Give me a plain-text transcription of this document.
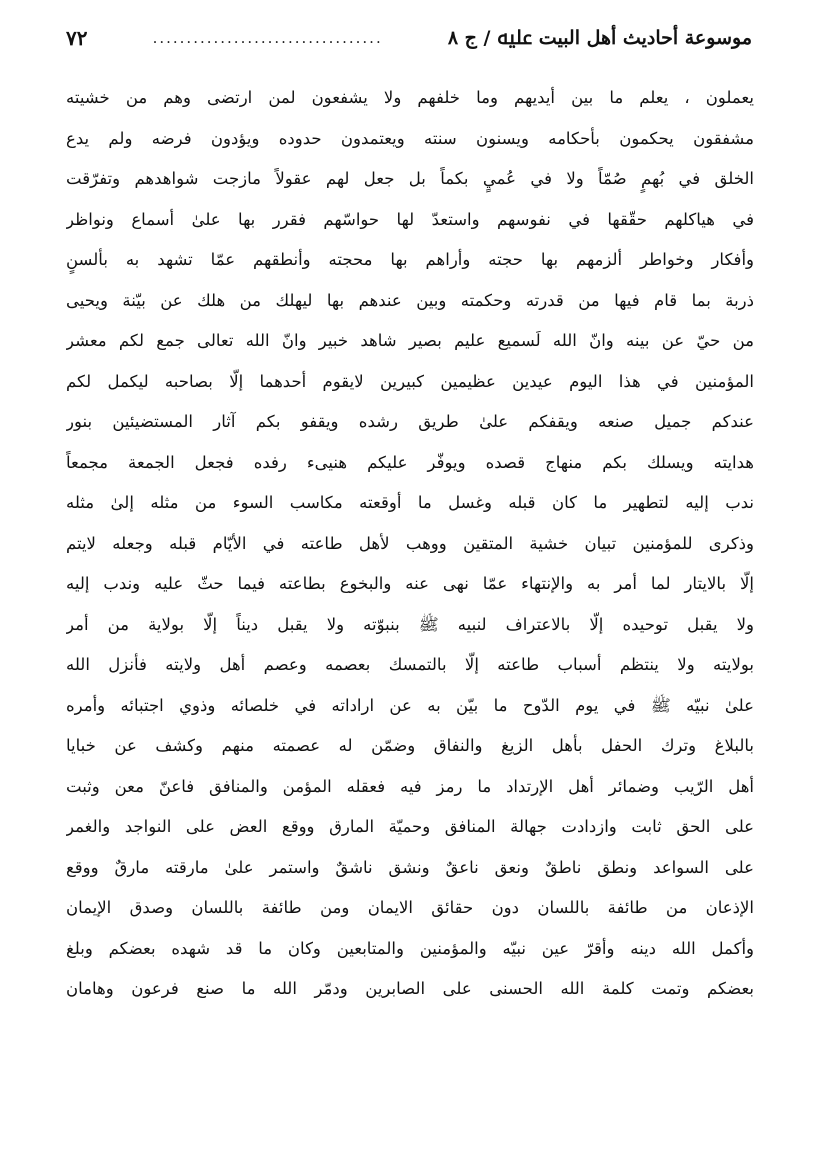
موسوعة أحاديث أهل البيت ﷷ / ج ٨
..................................
٧٢
يعملون ، يعلم ما بين أيديهم وما خلفهم ولا يشفعون لمن ارتضى وهم من خشيته
مشفقون يحكمون بأحكامه ويسنون سنته ويعتمدون حدوده ويؤدون فرضه ولم يدع
الخلق في بُهمٍ صُمّاً ولا في عُميٍ بكماً بل جعل لهم عقولاً مازجت شواهدهم وتفرّقت
في هياكلهم حقّقها في نفوسهم واستعدّ لها حواسّهم فقرر بها علىٰ أسماع ونواظر
وأفكار وخواطر ألزمهم بها حجته وأراهم بها محجته وأنطقهم عمّا تشهد به بألسنٍ
ذربة بما قام فيها من قدرته وحكمته وبين عندهم بها ليهلك من هلك عن بيّنة ويحيى
من حيّ عن بينه وانّ الله لَسميع عليم بصير شاهد خبير وانّ الله تعالى جمع لكم معشر
المؤمنين في هذا اليوم عيدين عظيمين كبيرين لايقوم أحدهما إلّا بصاحبه ليكمل لكم
عندكم جميل صنعه ويقفكم علىٰ طريق رشده ويقفو بكم آثار المستضيئين بنور
هدايته ويسلك بكم منهاج قصده ويوفّر عليكم هنيىء رفده فجعل الجمعة مجمعاً
ندب إليه لتطهير ما كان قبله وغسل ما أوقعته مكاسب السوء من مثله إلىٰ مثله
وذكرى للمؤمنين تبيان خشية المتقين ووهب لأهل طاعته في الأيّام قبله وجعله لايتم
إلّا بالايتار لما أمر به والإنتهاء عمّا نهى عنه والبخوع بطاعته فيما حثّ عليه وندب إليه
ولا يقبل توحيده إلّا بالاعتراف لنبيه ﷺ بنبوّته ولا يقبل ديناً إلّا بولاية من أمر
بولايته ولا ينتظم أسباب طاعته إلّا بالتمسك بعصمه وعصم أهل ولايته فأنزل الله
علىٰ نبيّه ﷺ في يوم الدّوح ما بيّن به عن اراداته في خلصائه وذوي اجتبائه وأمره
بالبلاغ وترك الحفل بأهل الزيغ والنفاق وضمّن له عصمته منهم وكشف عن خبايا
أهل الرّيب وضمائر أهل الإرتداد ما رمز فيه فعقله المؤمن والمنافق فاعنّ معن وثبت
على الحق ثابت وازدادت جهالة المنافق وحميّة المارق ووقع العض على النواجد والغمر
على السواعد ونطق ناطقٌ ونعق ناعقٌ ونشق ناشقٌ واستمر علىٰ مارقته مارقٌ ووقع
الإذعان من طائفة باللسان دون حقائق الايمان ومن طائفة باللسان وصدق الإيمان
وأكمل الله دينه وأقرّ عين نبيّه والمؤمنين والمتابعين وكان ما قد شهده بعضكم وبلغ
بعضكم وتمت كلمة الله الحسنى على الصابرين ودمّر الله ما صنع فرعون وهامان
